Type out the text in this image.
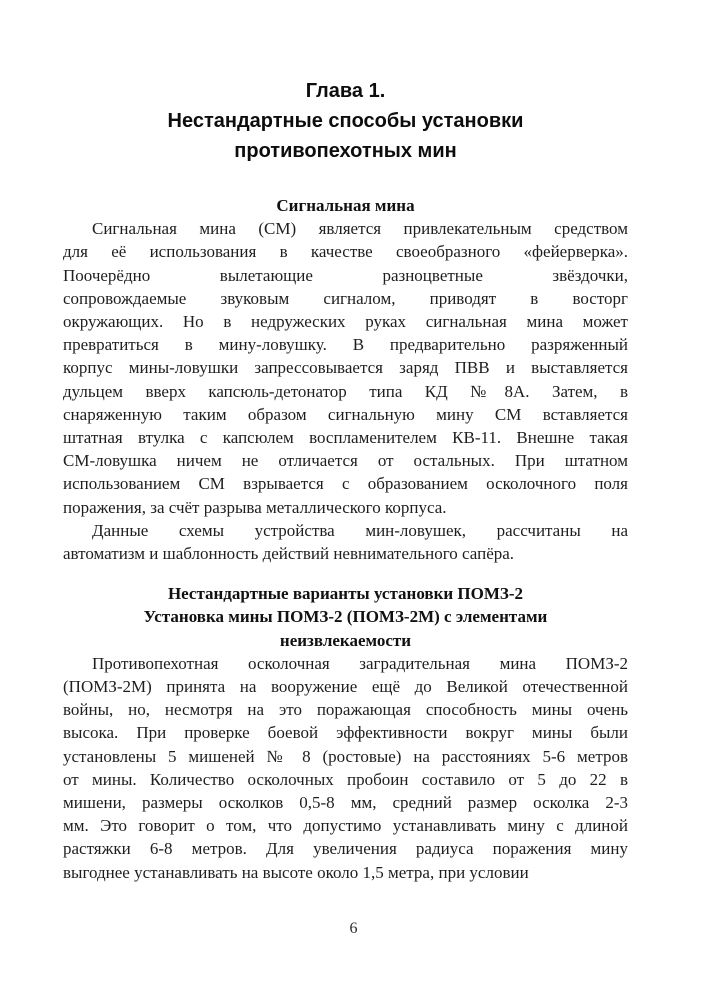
Глава 1.
Нестандартные способы установки
противопехотных мин
Сигнальная мина
Сигнальная мина (СМ) является привлекательным средством
для её использования в качестве своеобразного «фейерверка».
Поочерёдно вылетающие разноцветные звёздочки,
сопровождаемые звуковым сигналом, приводят в восторг
окружающих. Но в недружеских руках сигнальная мина может
превратиться в мину-ловушку. В предварительно разряженный
корпус мины-ловушки запрессовывается заряд ПВВ и выставляется
дульцем вверх капсюль-детонатор типа КД №8А. Затем, в
снаряженную таким образом сигнальную мину СМ вставляется
штатная втулка с капсюлем воспламенителем КВ-11. Внешне такая
СМ-ловушка ничем не отличается от остальных. При штатном
использованием СМ взрывается с образованием осколочного поля
поражения, за счёт разрыва металлического корпуса.
Данные схемы устройства мин-ловушек, рассчитаны на
автоматизм и шаблонность действий невнимательного сапёра.
Нестандартные варианты установки ПОМЗ-2
Установка мины ПОМЗ-2 (ПОМЗ-2М) с элементами
неизвлекаемости
Противопехотная осколочная заградительная мина ПОМЗ-2
(ПОМЗ-2М) принята на вооружение ещё до Великой отечественной
войны, но, несмотря на это поражающая способность мины очень
высока. При проверке боевой эффективности вокруг мины были
установлены 5 мишеней № 8 (ростовые) на расстояниях 5-6 метров
от мины. Количество осколочных пробоин составило от 5 до 22 в
мишени, размеры осколков 0,5-8 мм, средний размер осколка 2-3
мм. Это говорит о том, что допустимо устанавливать мину с длиной
растяжки 6-8 метров. Для увеличения радиуса поражения мину
выгоднее устанавливать на высоте около 1,5 метра, при условии
6
